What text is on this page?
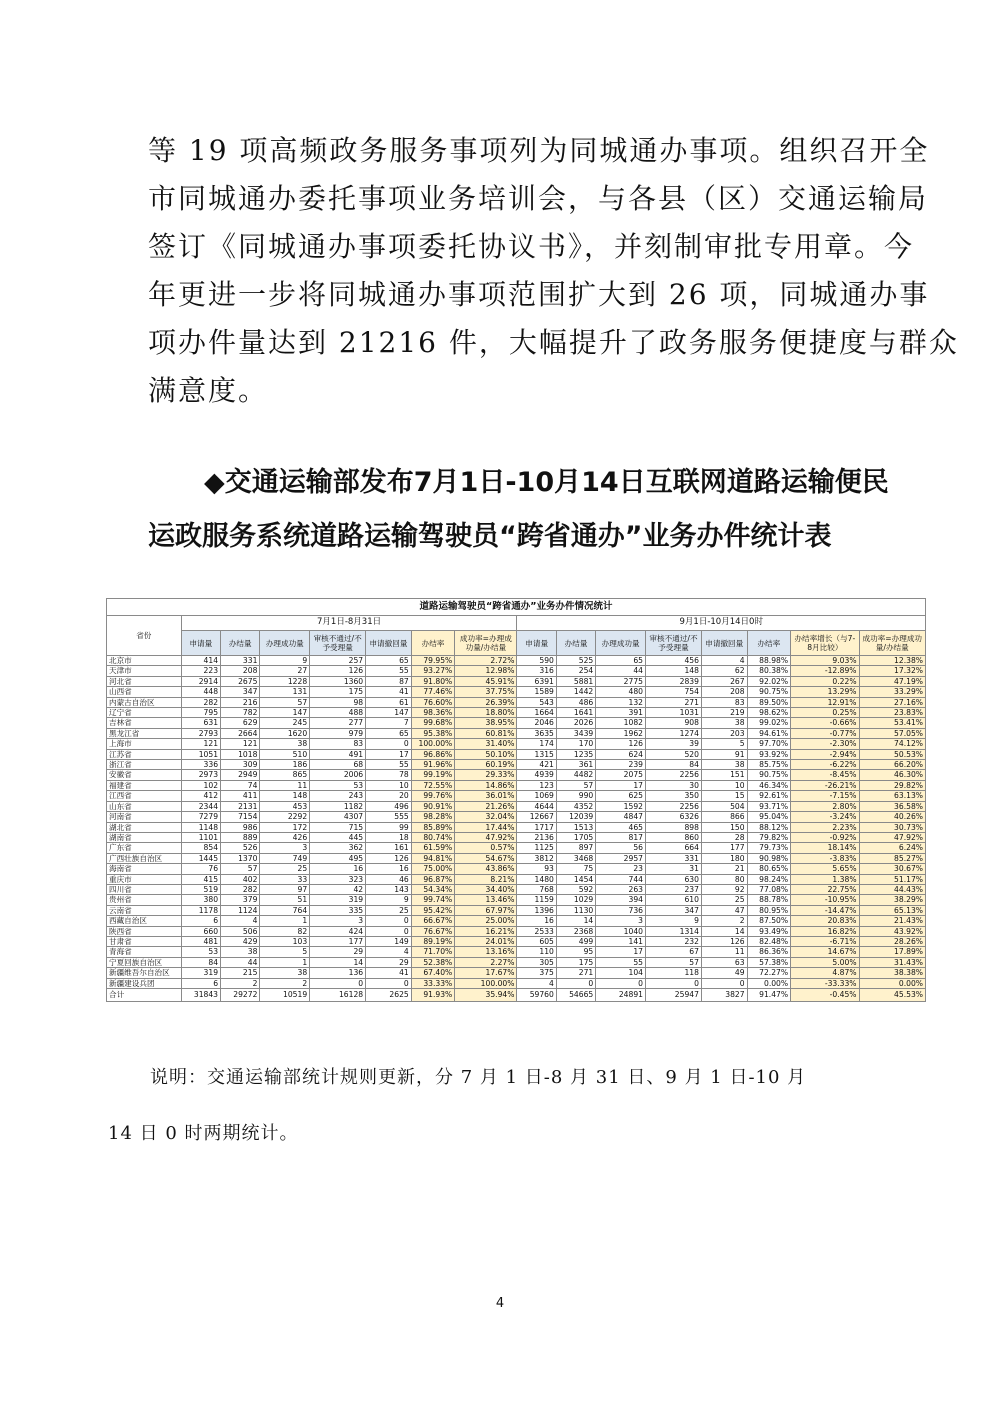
等 19 项高频政务服务事项列为同城通办事项。组织召开全

市同城通办委托事项业务培训会，与各县（区）交通运输局

签订《同城通办事项委托协议书》，并刻制审批专用章。今

年更进一步将同城通办事项范围扩大到 26 项，同城通办事

项办件量达到 21216 件，大幅提升了政务服务便捷度与群众

满意度。

◆交通运输部发布7月1日-10月14日互联网道路运输便民

运政服务系统道路运输驾驶员“跨省通办”业务办件统计表

道路运输驾驶员“跨省通办”业务办件情况统计															
省份	7月1日-8月31日							9月1日-10月14日0时							
	申请量	办结量	办理成功量	审核不通过/不予受理量	申请撤回量	办结率	成功率=办理成功量/办结量	申请量	办结量	办理成功量	审核不通过/不予受理量	申请撤回量	办结率	办结率增长（与7-8月比较）	成功率=办理成功量/办结量
北京市	414	331	9	257	65	79.95%	2.72%	590	525	65	456	4	88.98%	9.03%	12.38%
天津市	223	208	27	126	55	93.27%	12.98%	316	254	44	148	62	80.38%	-12.89%	17.32%
河北省	2914	2675	1228	1360	87	91.80%	45.91%	6391	5881	2775	2839	267	92.02%	0.22%	47.19%
山西省	448	347	131	175	41	77.46%	37.75%	1589	1442	480	754	208	90.75%	13.29%	33.29%
内蒙古自治区	282	216	57	98	61	76.60%	26.39%	543	486	132	271	83	89.50%	12.91%	27.16%
辽宁省	795	782	147	488	147	98.36%	18.80%	1664	1641	391	1031	219	98.62%	0.25%	23.83%
吉林省	631	629	245	277	7	99.68%	38.95%	2046	2026	1082	908	38	99.02%	-0.66%	53.41%
黑龙江省	2793	2664	1620	979	65	95.38%	60.81%	3635	3439	1962	1274	203	94.61%	-0.77%	57.05%
上海市	121	121	38	83	0	100.00%	31.40%	174	170	126	39	5	97.70%	-2.30%	74.12%
江苏省	1051	1018	510	491	17	96.86%	50.10%	1315	1235	624	520	91	93.92%	-2.94%	50.53%
浙江省	336	309	186	68	55	91.96%	60.19%	421	361	239	84	38	85.75%	-6.22%	66.20%
安徽省	2973	2949	865	2006	78	99.19%	29.33%	4939	4482	2075	2256	151	90.75%	-8.45%	46.30%
福建省	102	74	11	53	10	72.55%	14.86%	123	57	17	30	10	46.34%	-26.21%	29.82%
江西省	412	411	148	243	20	99.76%	36.01%	1069	990	625	350	15	92.61%	-7.15%	63.13%
山东省	2344	2131	453	1182	496	90.91%	21.26%	4644	4352	1592	2256	504	93.71%	2.80%	36.58%
河南省	7279	7154	2292	4307	555	98.28%	32.04%	12667	12039	4847	6326	866	95.04%	-3.24%	40.26%
湖北省	1148	986	172	715	99	85.89%	17.44%	1717	1513	465	898	150	88.12%	2.23%	30.73%
湖南省	1101	889	426	445	18	80.74%	47.92%	2136	1705	817	860	28	79.82%	-0.92%	47.92%
广东省	854	526	3	362	161	61.59%	0.57%	1125	897	56	664	177	79.73%	18.14%	6.24%
广西壮族自治区	1445	1370	749	495	126	94.81%	54.67%	3812	3468	2957	331	180	90.98%	-3.83%	85.27%
海南省	76	57	25	16	16	75.00%	43.86%	93	75	23	31	21	80.65%	5.65%	30.67%
重庆市	415	402	33	323	46	96.87%	8.21%	1480	1454	744	630	80	98.24%	1.38%	51.17%
四川省	519	282	97	42	143	54.34%	34.40%	768	592	263	237	92	77.08%	22.75%	44.43%
贵州省	380	379	51	319	9	99.74%	13.46%	1159	1029	394	610	25	88.78%	-10.95%	38.29%
云南省	1178	1124	764	335	25	95.42%	67.97%	1396	1130	736	347	47	80.95%	-14.47%	65.13%
西藏自治区	6	4	1	3	0	66.67%	25.00%	16	14	3	9	2	87.50%	20.83%	21.43%
陕西省	660	506	82	424	0	76.67%	16.21%	2533	2368	1040	1314	14	93.49%	16.82%	43.92%
甘肃省	481	429	103	177	149	89.19%	24.01%	605	499	141	232	126	82.48%	-6.71%	28.26%
青海省	53	38	5	29	4	71.70%	13.16%	110	95	17	67	11	86.36%	14.67%	17.89%
宁夏回族自治区	84	44	1	14	29	52.38%	2.27%	305	175	55	57	63	57.38%	5.00%	31.43%
新疆维吾尔自治区	319	215	38	136	41	67.40%	17.67%	375	271	104	118	49	72.27%	4.87%	38.38%
新疆建设兵团	6	2	2	0	0	33.33%	100.00%	4	0	0	0	0	0.00%	-33.33%	0.00%
合计	31843	29272	10519	16128	2625	91.93%	35.94%	59760	54665	24891	25947	3827	91.47%	-0.45%	45.53%

说明：交通运输部统计规则更新，分 7 月 1 日-8 月 31 日、9 月 1 日-10 月

14 日 0 时两期统计。

4
